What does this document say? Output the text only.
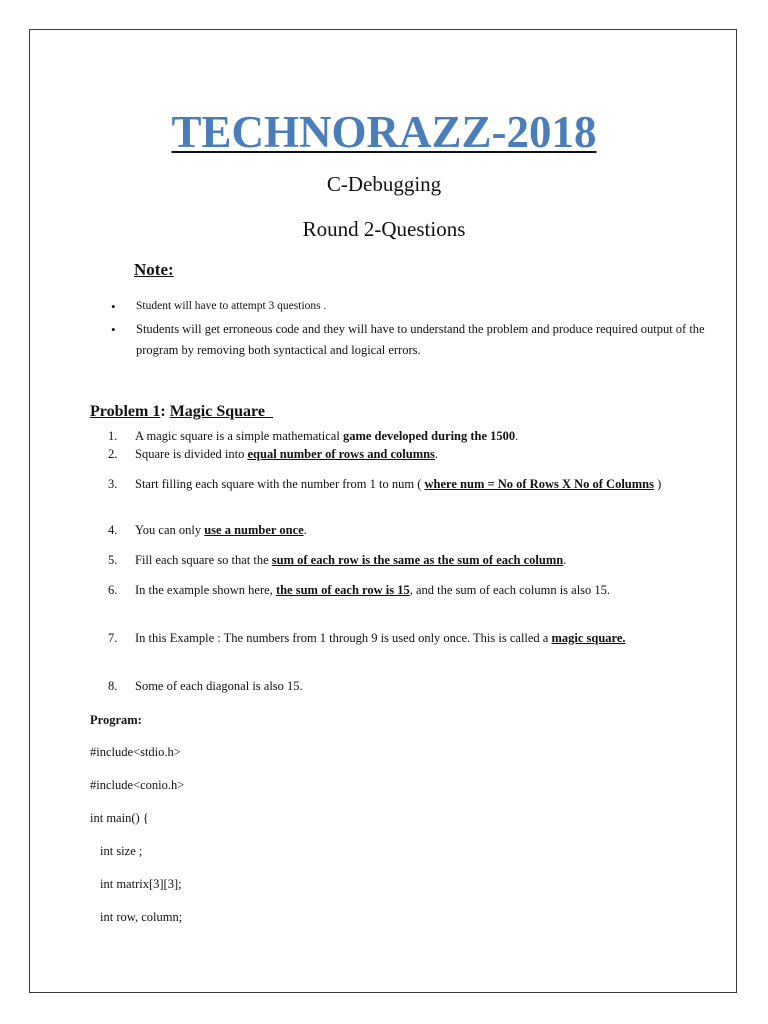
TECHNORAZZ-2018
C-Debugging
Round 2-Questions
Note:
• Student will have to attempt 3 questions .
• Students will get erroneous code and they will have to understand the problem and produce required output of the program by removing both syntactical and logical errors.
Problem 1: Magic Square
1.	A magic square is a simple mathematical game developed during the 1500.
2.	Square is divided into equal number of rows and columns.
3.	Start filling each square with the number from 1 to num ( where num = No of Rows X No of Columns )
4.	You can only use a number once.
5.	Fill each square so that the sum of each row is the same as the sum of each column.
6.	In the example shown here, the sum of each row is 15, and the sum of each column is also 15.
7.	In this Example : The numbers from 1 through 9 is used only once. This is called a magic square.
8.	Some of each diagonal is also 15.
Program:
#include<stdio.h>
#include<conio.h>
int main() {
int size ;
int matrix[3][3];
int row, column;
